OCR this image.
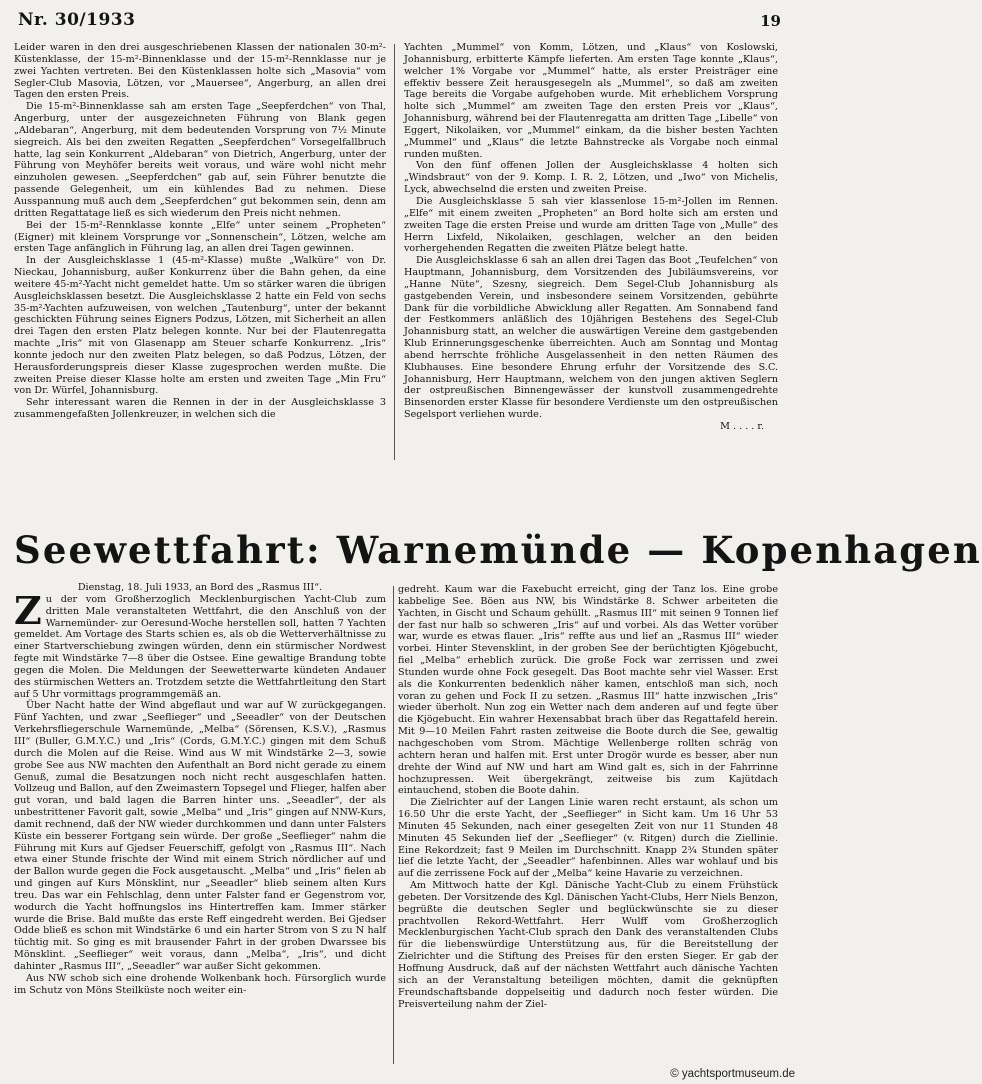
Nr. 30/1933	19

Leider waren in den drei ausgeschriebenen Klassen der nationalen 30-m²-Küstenklasse, der 15-m²-Binnenklasse und der 15-m²-Rennklasse nur je zwei Yachten vertreten. Bei den Küstenklassen holte sich „Masovia“ vom Segler-Club Masovia, Lötzen, vor „Mauersee“, Angerburg, an allen drei Tagen den ersten Preis.

Die 15-m²-Binnenklasse sah am ersten Tage „Seepferdchen“ von Thal, Angerburg, unter der ausgezeichneten Führung von Blank gegen „Aldebaran“, Angerburg, mit dem bedeutenden Vorsprung von 7½ Minute siegreich. Als bei den zweiten Regatten „Seepferdchen“ Vorsegelfallbruch hatte, lag sein Konkurrent „Aldebaran“ von Dietrich, Angerburg, unter der Führung von Meyhöfer bereits weit voraus, und wäre wohl nicht mehr einzuholen gewesen. „Seepferdchen“ gab auf, sein Führer benutzte die passende Gelegenheit, um ein kühlendes Bad zu nehmen. Diese Ausspannung muß auch dem „Seepferdchen“ gut bekommen sein, denn am dritten Regattatage ließ es sich wiederum den Preis nicht nehmen.

Bei der 15-m²-Rennklasse konnte „Elfe“ unter seinem „Propheten“ (Eigner) mit kleinem Vorsprunge vor „Sonnenschein“, Lötzen, welche am ersten Tage anfänglich in Führung lag, an allen drei Tagen gewinnen.

In der Ausgleichsklasse 1 (45-m²-Klasse) mußte „Walküre“ von Dr. Nieckau, Johannisburg, außer Konkurrenz über die Bahn gehen, da eine weitere 45-m²-Yacht nicht gemeldet hatte. Um so stärker waren die übrigen Ausgleichsklassen besetzt. Die Ausgleichsklasse 2 hatte ein Feld von sechs 35-m²-Yachten aufzuweisen, von welchen „Tautenburg“, unter der bekannt geschickten Führung seines Eigners Podzus, Lötzen, mit Sicherheit an allen drei Tagen den ersten Platz belegen konnte. Nur bei der Flautenregatta machte „Iris“ mit von Glasenapp am Steuer scharfe Konkurrenz. „Iris“ konnte jedoch nur den zweiten Platz belegen, so daß Podzus, Lötzen, der Herausforderungspreis dieser Klasse zugesprochen werden mußte. Die zweiten Preise dieser Klasse holte am ersten und zweiten Tage „Min Fru“ von Dr. Würfel, Johannisburg.

Sehr interessant waren die Rennen in der in der Ausgleichsklasse 3 zusammengefaßten Jollenkreuzer, in welchen sich die

Yachten „Mummel“ von Komm, Lötzen, und „Klaus“ von Koslowski, Johannisburg, erbitterte Kämpfe lieferten. Am ersten Tage konnte „Klaus“, welcher 1% Vorgabe vor „Mummel“ hatte, als erster Preisträger eine effektiv bessere Zeit herausgesegeln als „Mummel“, so daß am zweiten Tage bereits die Vorgabe aufgehoben wurde. Mit erheblichem Vorsprung holte sich „Mummel“ am zweiten Tage den ersten Preis vor „Klaus“, Johannisburg, während bei der Flautenregatta am dritten Tage „Libelle“ von Eggert, Nikolaiken, vor „Mummel“ einkam, da die bisher besten Yachten „Mummel“ und „Klaus“ die letzte Bahnstrecke als Vorgabe noch einmal runden mußten.

Von den fünf offenen Jollen der Ausgleichsklasse 4 holten sich „Windsbraut“ von der 9. Komp. I. R. 2, Lötzen, und „Iwo“ von Michelis, Lyck, abwechselnd die ersten und zweiten Preise.

Die Ausgleichsklasse 5 sah vier klassenlose 15-m²-Jollen im Rennen. „Elfe“ mit einem zweiten „Propheten“ an Bord holte sich am ersten und zweiten Tage die ersten Preise und wurde am dritten Tage von „Mulle“ des Herrn Lixfeld, Nikolaiken, geschlagen, welcher an den beiden vorhergehenden Regatten die zweiten Plätze belegt hatte.

Die Ausgleichsklasse 6 sah an allen drei Tagen das Boot „Teufelchen“ von Hauptmann, Johannisburg, dem Vorsitzenden des Jubiläumsvereins, vor „Hanne Nüte“, Szesny, siegreich. Dem Segel-Club Johannisburg als gastgebenden Verein, und insbesondere seinem Vorsitzenden, gebührte Dank für die vorbildliche Abwicklung aller Regatten. Am Sonnabend fand der Festkommers anläßlich des 10jährigen Bestehens des Segel-Club Johannisburg statt, an welcher die auswärtigen Vereine dem gastgebenden Klub Erinnerungsgeschenke überreichten. Auch am Sonntag und Montag abend herrschte fröhliche Ausgelassenheit in den netten Räumen des Klubhauses. Eine besondere Ehrung erfuhr der Vorsitzende des S.C. Johannisburg, Herr Hauptmann, welchem von den jungen aktiven Seglern der ostpreußischen Binnengewässer der kunstvoll zusammengedrehte Binsenorden erster Klasse für besondere Verdienste um den ostpreußischen Segelsport verliehen wurde.

M . . . . r.

Seewettfahrt: Warnemünde — Kopenhagen

Dienstag, 18. Juli 1933, an Bord des „Rasmus III“.

Zu der vom Großherzoglich Mecklenburgischen Yacht-Club zum dritten Male veranstalteten Wettfahrt, die den Anschluß von der Warnemünder- zur Oeresund-Woche herstellen soll, hatten 7 Yachten gemeldet. Am Vortage des Starts schien es, als ob die Wetterverhältnisse zu einer Startverschiebung zwingen würden, denn ein stürmischer Nordwest fegte mit Windstärke 7—8 über die Ostsee. Eine gewaltige Brandung tobte gegen die Molen. Die Meldungen der Seewetterwarte kündeten Andauer des stürmischen Wetters an. Trotzdem setzte die Wettfahrtleitung den Start auf 5 Uhr vormittags programmgemäß an.

Über Nacht hatte der Wind abgeflaut und war auf W zurückgegangen. Fünf Yachten, und zwar „Seeflieger“ und „Seeadler“ von der Deutschen Verkehrsfliegerschule Warnemünde, „Melba“ (Sörensen, K.S.V.), „Rasmus III“ (Buller, G.M.Y.C.) und „Iris“ (Cords, G.M.Y.C.) gingen mit dem Schuß durch die Molen auf die Reise. Wind aus W mit Windstärke 2—3, sowie grobe See aus NW machten den Aufenthalt an Bord nicht gerade zu einem Genuß, zumal die Besatzungen noch nicht recht ausgeschlafen hatten. Vollzeug und Ballon, auf den Zweimastern Topsegel und Flieger, halfen aber gut voran, und bald lagen die Barren hinter uns. „Seeadler“, der als unbestrittener Favorit galt, sowie „Melba“ und „Iris“ gingen auf NNW-Kurs, damit rechnend, daß der NW wieder durchkommen und dann unter Falsters Küste ein besserer Fortgang sein würde. Der große „Seeflieger“ nahm die Führung mit Kurs auf Gjedser Feuerschiff, gefolgt von „Rasmus III“. Nach etwa einer Stunde frischte der Wind mit einem Strich nördlicher auf und der Ballon wurde gegen die Fock ausgetauscht. „Melba“ und „Iris“ fielen ab und gingen auf Kurs Mönsklint, nur „Seeadler“ blieb seinem alten Kurs treu. Das war ein Fehlschlag, denn unter Falster fand er Gegenstrom vor, wodurch die Yacht hoffnungslos ins Hintertreffen kam. Immer stärker wurde die Brise. Bald mußte das erste Reff eingedreht werden. Bei Gjedser Odde bließ es schon mit Windstärke 6 und ein harter Strom von S zu N half tüchtig mit. So ging es mit brausender Fahrt in der groben Dwarssee bis Mönsklint. „Seeflieger“ weit voraus, dann „Melba“, „Iris“, und dicht dahinter „Rasmus III“, „Seeadler“ war außer Sicht gekommen.

Aus NW schob sich eine drohende Wolkenbank hoch. Fürsorglich wurde im Schutz von Möns Steilküste noch weiter ein-

gedreht. Kaum war die Faxebucht erreicht, ging der Tanz los. Eine grobe kabbelige See. Böen aus NW, bis Windstärke 8. Schwer arbeiteten die Yachten, in Gischt und Schaum gehüllt. „Rasmus III“ mit seinen 9 Tonnen lief der fast nur halb so schweren „Iris“ auf und vorbei. Als das Wetter vorüber war, wurde es etwas flauer. „Iris“ reffte aus und lief an „Rasmus III“ wieder vorbei. Hinter Stevensklint, in der groben See der berüchtigten Kjögebucht, fiel „Melba“ erheblich zurück. Die große Fock war zerrissen und zwei Stunden wurde ohne Fock gesegelt. Das Boot machte sehr viel Wasser. Erst als die Konkurrenten bedenklich näher kamen, entschloß man sich, noch voran zu gehen und Fock II zu setzen. „Rasmus III“ hatte inzwischen „Iris“ wieder überholt. Nun zog ein Wetter nach dem anderen auf und fegte über die Kjögebucht. Ein wahrer Hexensabbat brach über das Regattafeld herein. Mit 9—10 Meilen Fahrt rasten zeitweise die Boote durch die See, gewaltig nachgeschoben vom Strom. Mächtige Wellenberge rollten schräg von achtern heran und halfen mit. Erst unter Drogör wurde es besser, aber nun drehte der Wind auf NW und hart am Wind galt es, sich in der Fahrrinne hochzupressen. Weit übergekrängt, zeitweise bis zum Kajütdach eintauchend, stoben die Boote dahin.

Die Zielrichter auf der Langen Linie waren recht erstaunt, als schon um 16.50 Uhr die erste Yacht, der „Seeflieger“ in Sicht kam. Um 16 Uhr 53 Minuten 45 Sekunden, nach einer gesegelten Zeit von nur 11 Stunden 48 Minuten 45 Sekunden lief der „Seeflieger“ (v. Ritgen) durch die Ziellinie. Eine Rekordzeit; fast 9 Meilen im Durchschnitt. Knapp 2¾ Stunden später lief die letzte Yacht, der „Seeadler“ hafenbinnen. Alles war wohlauf und bis auf die zerrissene Fock auf der „Melba“ keine Havarie zu verzeichnen.

Am Mittwoch hatte der Kgl. Dänische Yacht-Club zu einem Frühstück gebeten. Der Vorsitzende des Kgl. Dänischen Yacht-Clubs, Herr Niels Benzon, begrüßte die deutschen Segler und beglückwünschte sie zu dieser prachtvollen Rekord-Wettfahrt. Herr Wulff vom Großherzoglich Mecklenburgischen Yacht-Club sprach den Dank des veranstaltenden Clubs für die liebenswürdige Unterstützung aus, für die Bereitstellung der Zielrichter und die Stiftung des Preises für den ersten Sieger. Er gab der Hoffnung Ausdruck, daß auf der nächsten Wettfahrt auch dänische Yachten sich an der Veranstaltung beteiligen möchten, damit die geknüpften Freundschaftsbande doppelseitig und dadurch noch fester würden. Die Preisverteilung nahm der Ziel-

© yachtsportmuseum.de
